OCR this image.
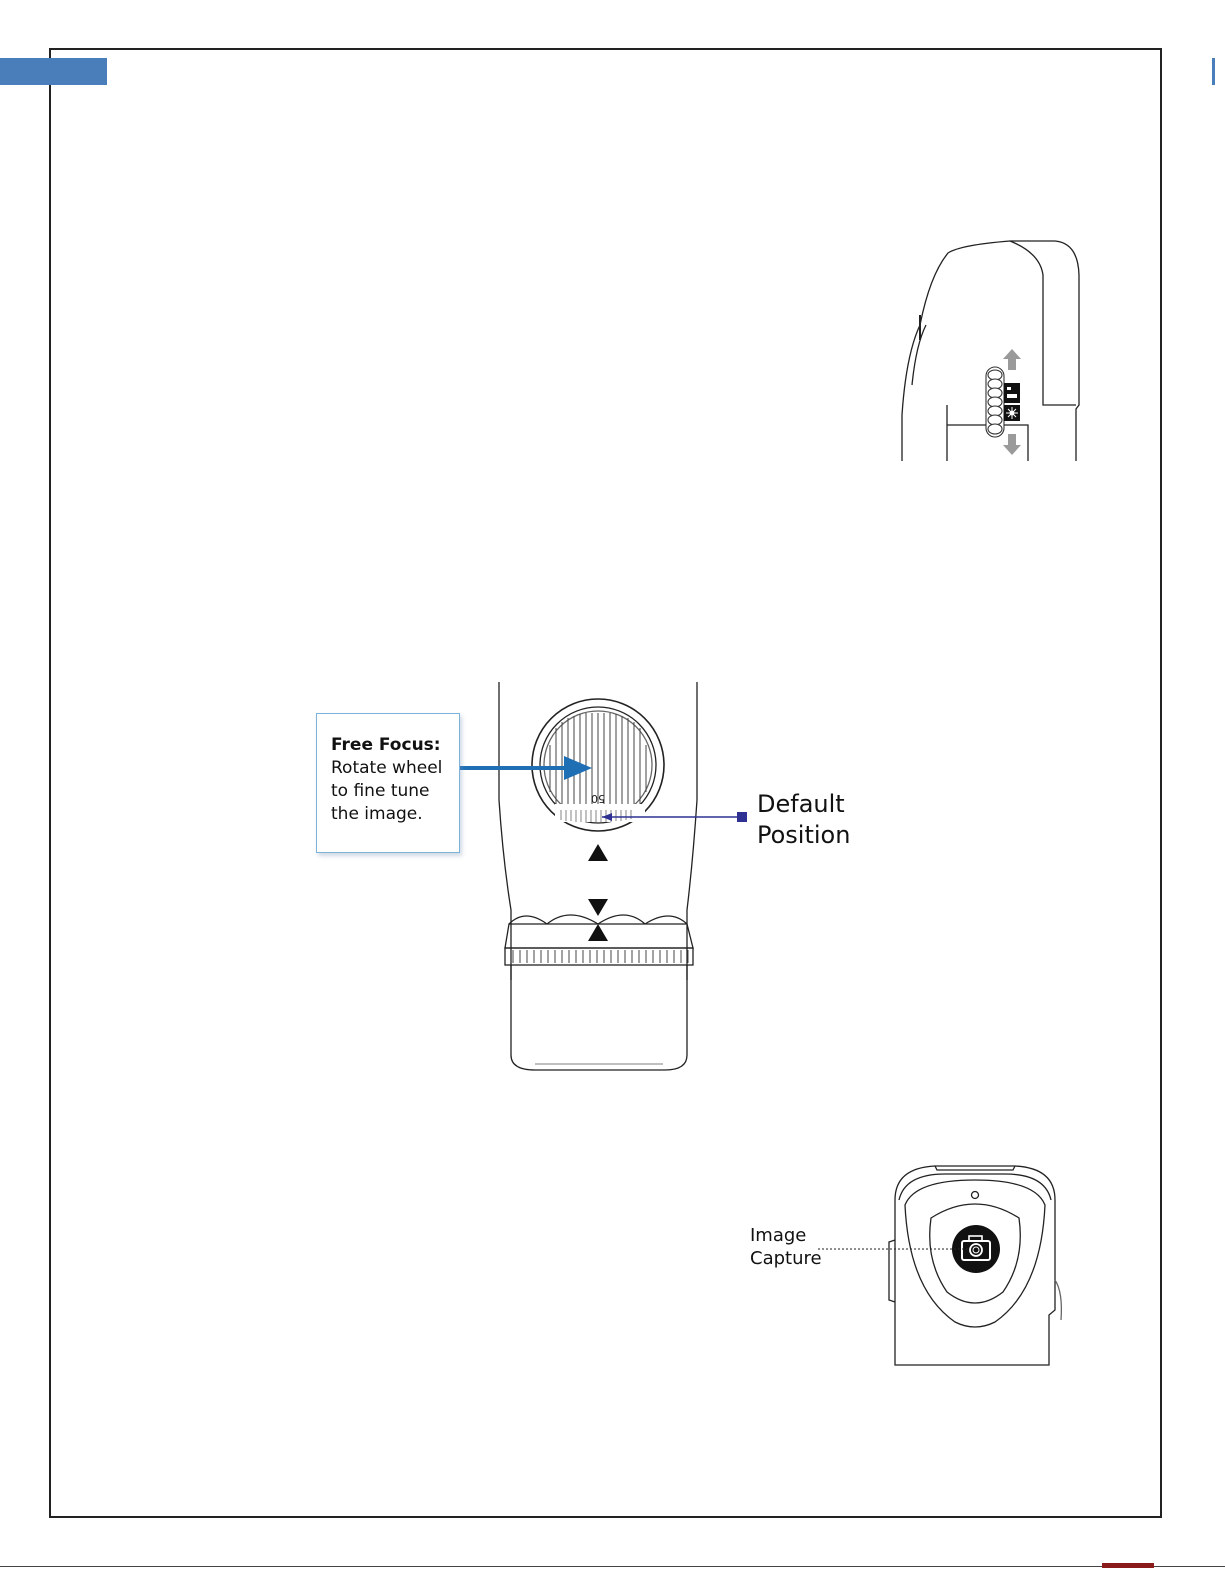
50
Free Focus:
Rotate wheel
to fine tune
the image.	Default
Position
Image
Capture
